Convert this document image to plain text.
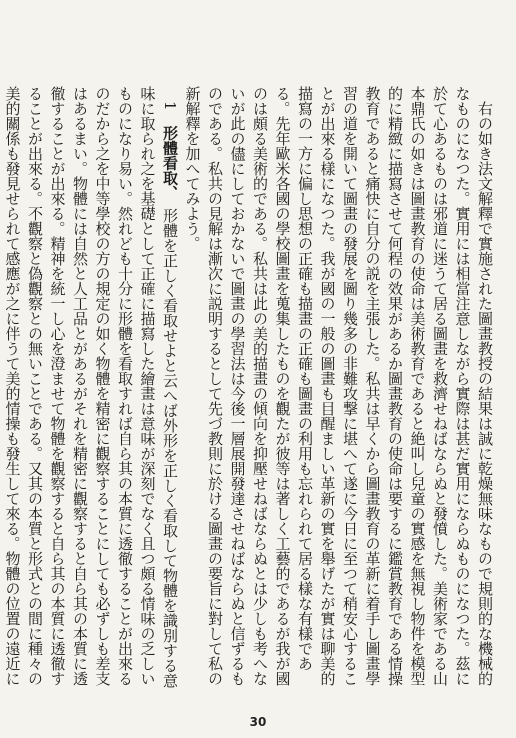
右の如き法文解釋で實施された圖畫教授の結果は誠に乾燥無味なもので規則的な機械的なものになつた。實用には相當注意しながら實際は甚だ實用にならぬものになつた。茲に於て心あるものは邪道に迷うて居る圖畫を救濟せねばならぬと發憤した。美術家である山本鼎氏の如きは圖畫教育の使命は美術教育であると絶叫し兒童の實感を無視し物件を模型的に精緻に描寫させて何程の效果があるか圖畫教育の使命は要するに鑑賞教育である情操教育であると痛快に自分の説を主張した。私共は早くから圖畫教育の革新に着手し圖畫學習の道を開いて圖畫の發展を圖り幾多の非難攻撃に堪へて遂に今日に至つて稍安心することが出來る樣になつた。我が國の一般の圖畫も目醒ましい革新の實を舉げたが實は聊美的描寫の一方に偏し思想の正確も描畫の正確も圖畫の利用も忘れられて居る樣な有樣である。先年歐米各國の學校圖畫を蒐集したものを觀たが彼等は著しく工藝的であるが我が國のは頗る美術的である。私共は此の美的描畫の傾向を抑壓せねばならぬとは少しも考へないが此の儘にしておかないで圖畫の學習法は今後一層展開發達させねばならぬと信ずるものである。私共の見解は漸次に説明するとして先づ教則に於ける圖畫の要旨に對して私の新解釋を加へてみよう。

1　形體看取、　形體を正しく看取せよと云へば外形を正しく看取して物體を識別する意味に取られ之を基礎として正確に描寫した繪畫は意味が深刻でなく且つ頗る情味の乏しいものになり易い。然れども十分に形體を看取すれば自ら其の本質に透徹することが出來るのだから之を中等學校の方の規定の如く物體を精密に觀察することにしても必ずしも差支はあるまい。物體には自然と人工品とがあるがそれを精密に觀察すると自ら其の本質に透徹することが出來る。精神を統一し心を澄ませて物體を觀察すると自ら其の本質に透徹することが出來る。不觀察と偽觀察との無いことである。又其の本質と形式との間に種々の美的關係も發見せられて感應が之に伴うて美的情操も發生して來る。物體の位置の遠近に

30
